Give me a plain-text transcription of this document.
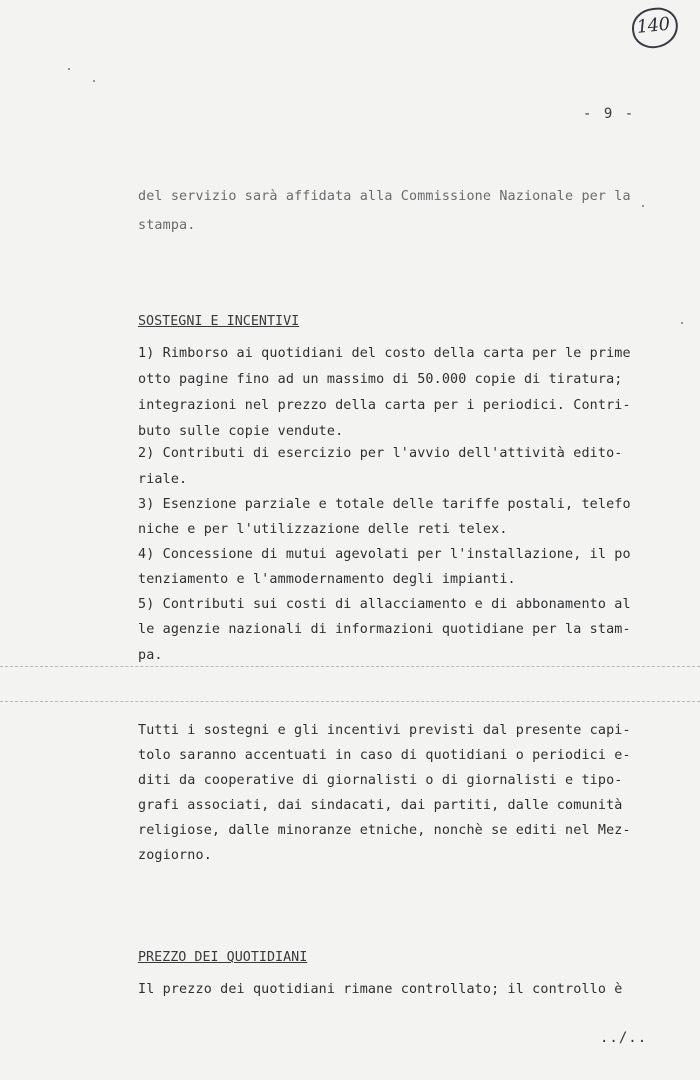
140
- 9 -
del servizio sarà affidata alla Commissione Nazionale per la
stampa.
SOSTEGNI E INCENTIVI
1) Rimborso ai quotidiani del costo della carta per le prime
otto pagine fino ad un massimo di 50.000 copie di tiratura;
integrazioni nel prezzo della carta per i periodici. Contri-
buto sulle copie vendute.
2) Contributi di esercizio per l'avvio dell'attività edito-
riale.
3) Esenzione parziale e totale delle tariffe postali, telefo
niche e per l'utilizzazione delle reti telex.
4) Concessione di mutui agevolati per l'installazione, il po
tenziamento e l'ammodernamento degli impianti.
5) Contributi sui costi di allacciamento e di abbonamento al
le agenzie nazionali di informazioni quotidiane per la stam-
pa.
Tutti i sostegni e gli incentivi previsti dal presente capi-
tolo saranno accentuati in caso di quotidiani o periodici e-
diti da cooperative di giornalisti o di giornalisti e tipo-
grafi associati, dai sindacati, dai partiti, dalle comunità
religiose, dalle minoranze etniche, nonchè se editi nel Mez-
zogiorno.
PREZZO DEI QUOTIDIANI
Il prezzo dei quotidiani rimane controllato; il controllo è
../..
